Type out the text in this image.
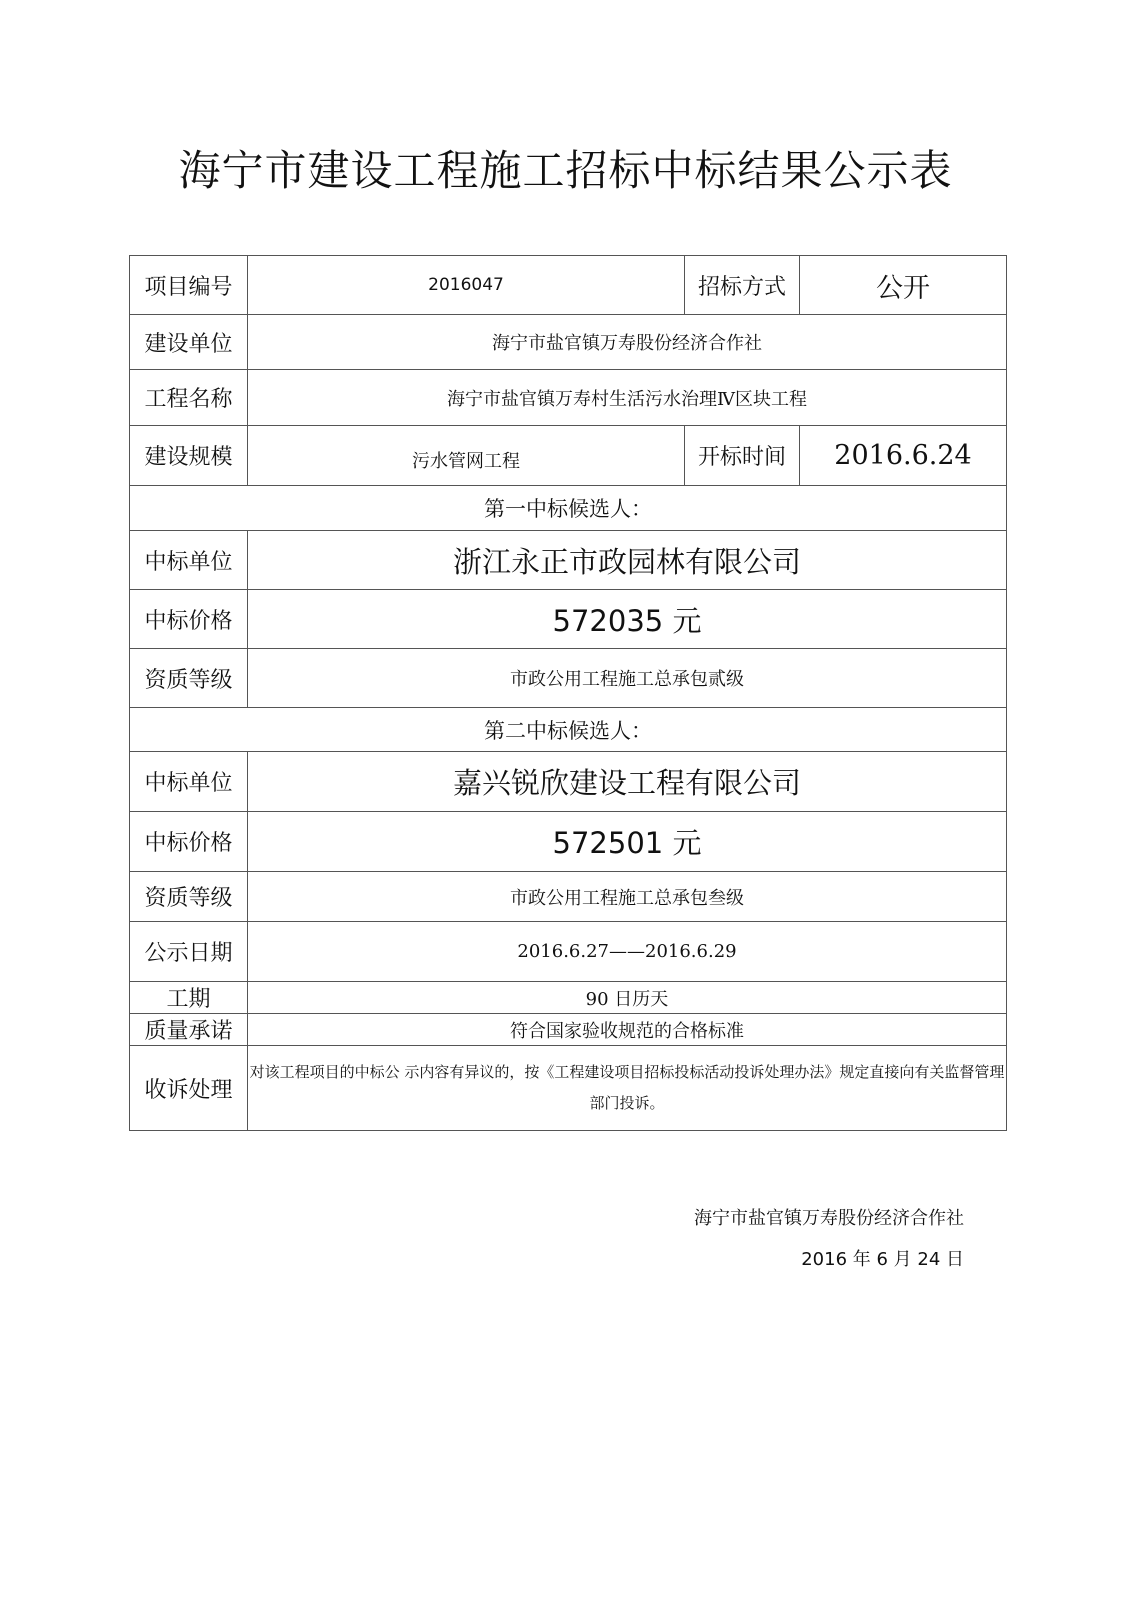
海宁市建设工程施工招标中标结果公示表
项目编号	2016047	招标方式	公开
建设单位	海宁市盐官镇万寿股份经济合作社		
工程名称	海宁市盐官镇万寿村生活污水治理Ⅳ区块工程		
建设规模	污水管网工程	开标时间	2016.6.24
第一中标候选人：			
中标单位	浙江永正市政园林有限公司		
中标价格	572035 元		
资质等级	市政公用工程施工总承包贰级		
第二中标候选人：			
中标单位	嘉兴锐欣建设工程有限公司		
中标价格	572501 元		
资质等级	市政公用工程施工总承包叁级		
公示日期	2016.6.27——2016.6.29		
工期	90 日历天		
质量承诺	符合国家验收规范的合格标准		
收诉处理	对该工程项目的中标公 示内容有异议的，按《工程建设项目招标投标活动投诉处理办法》规定直接向有关监督管理部门投诉。		
海宁市盐官镇万寿股份经济合作社
2016 年 6 月 24 日
